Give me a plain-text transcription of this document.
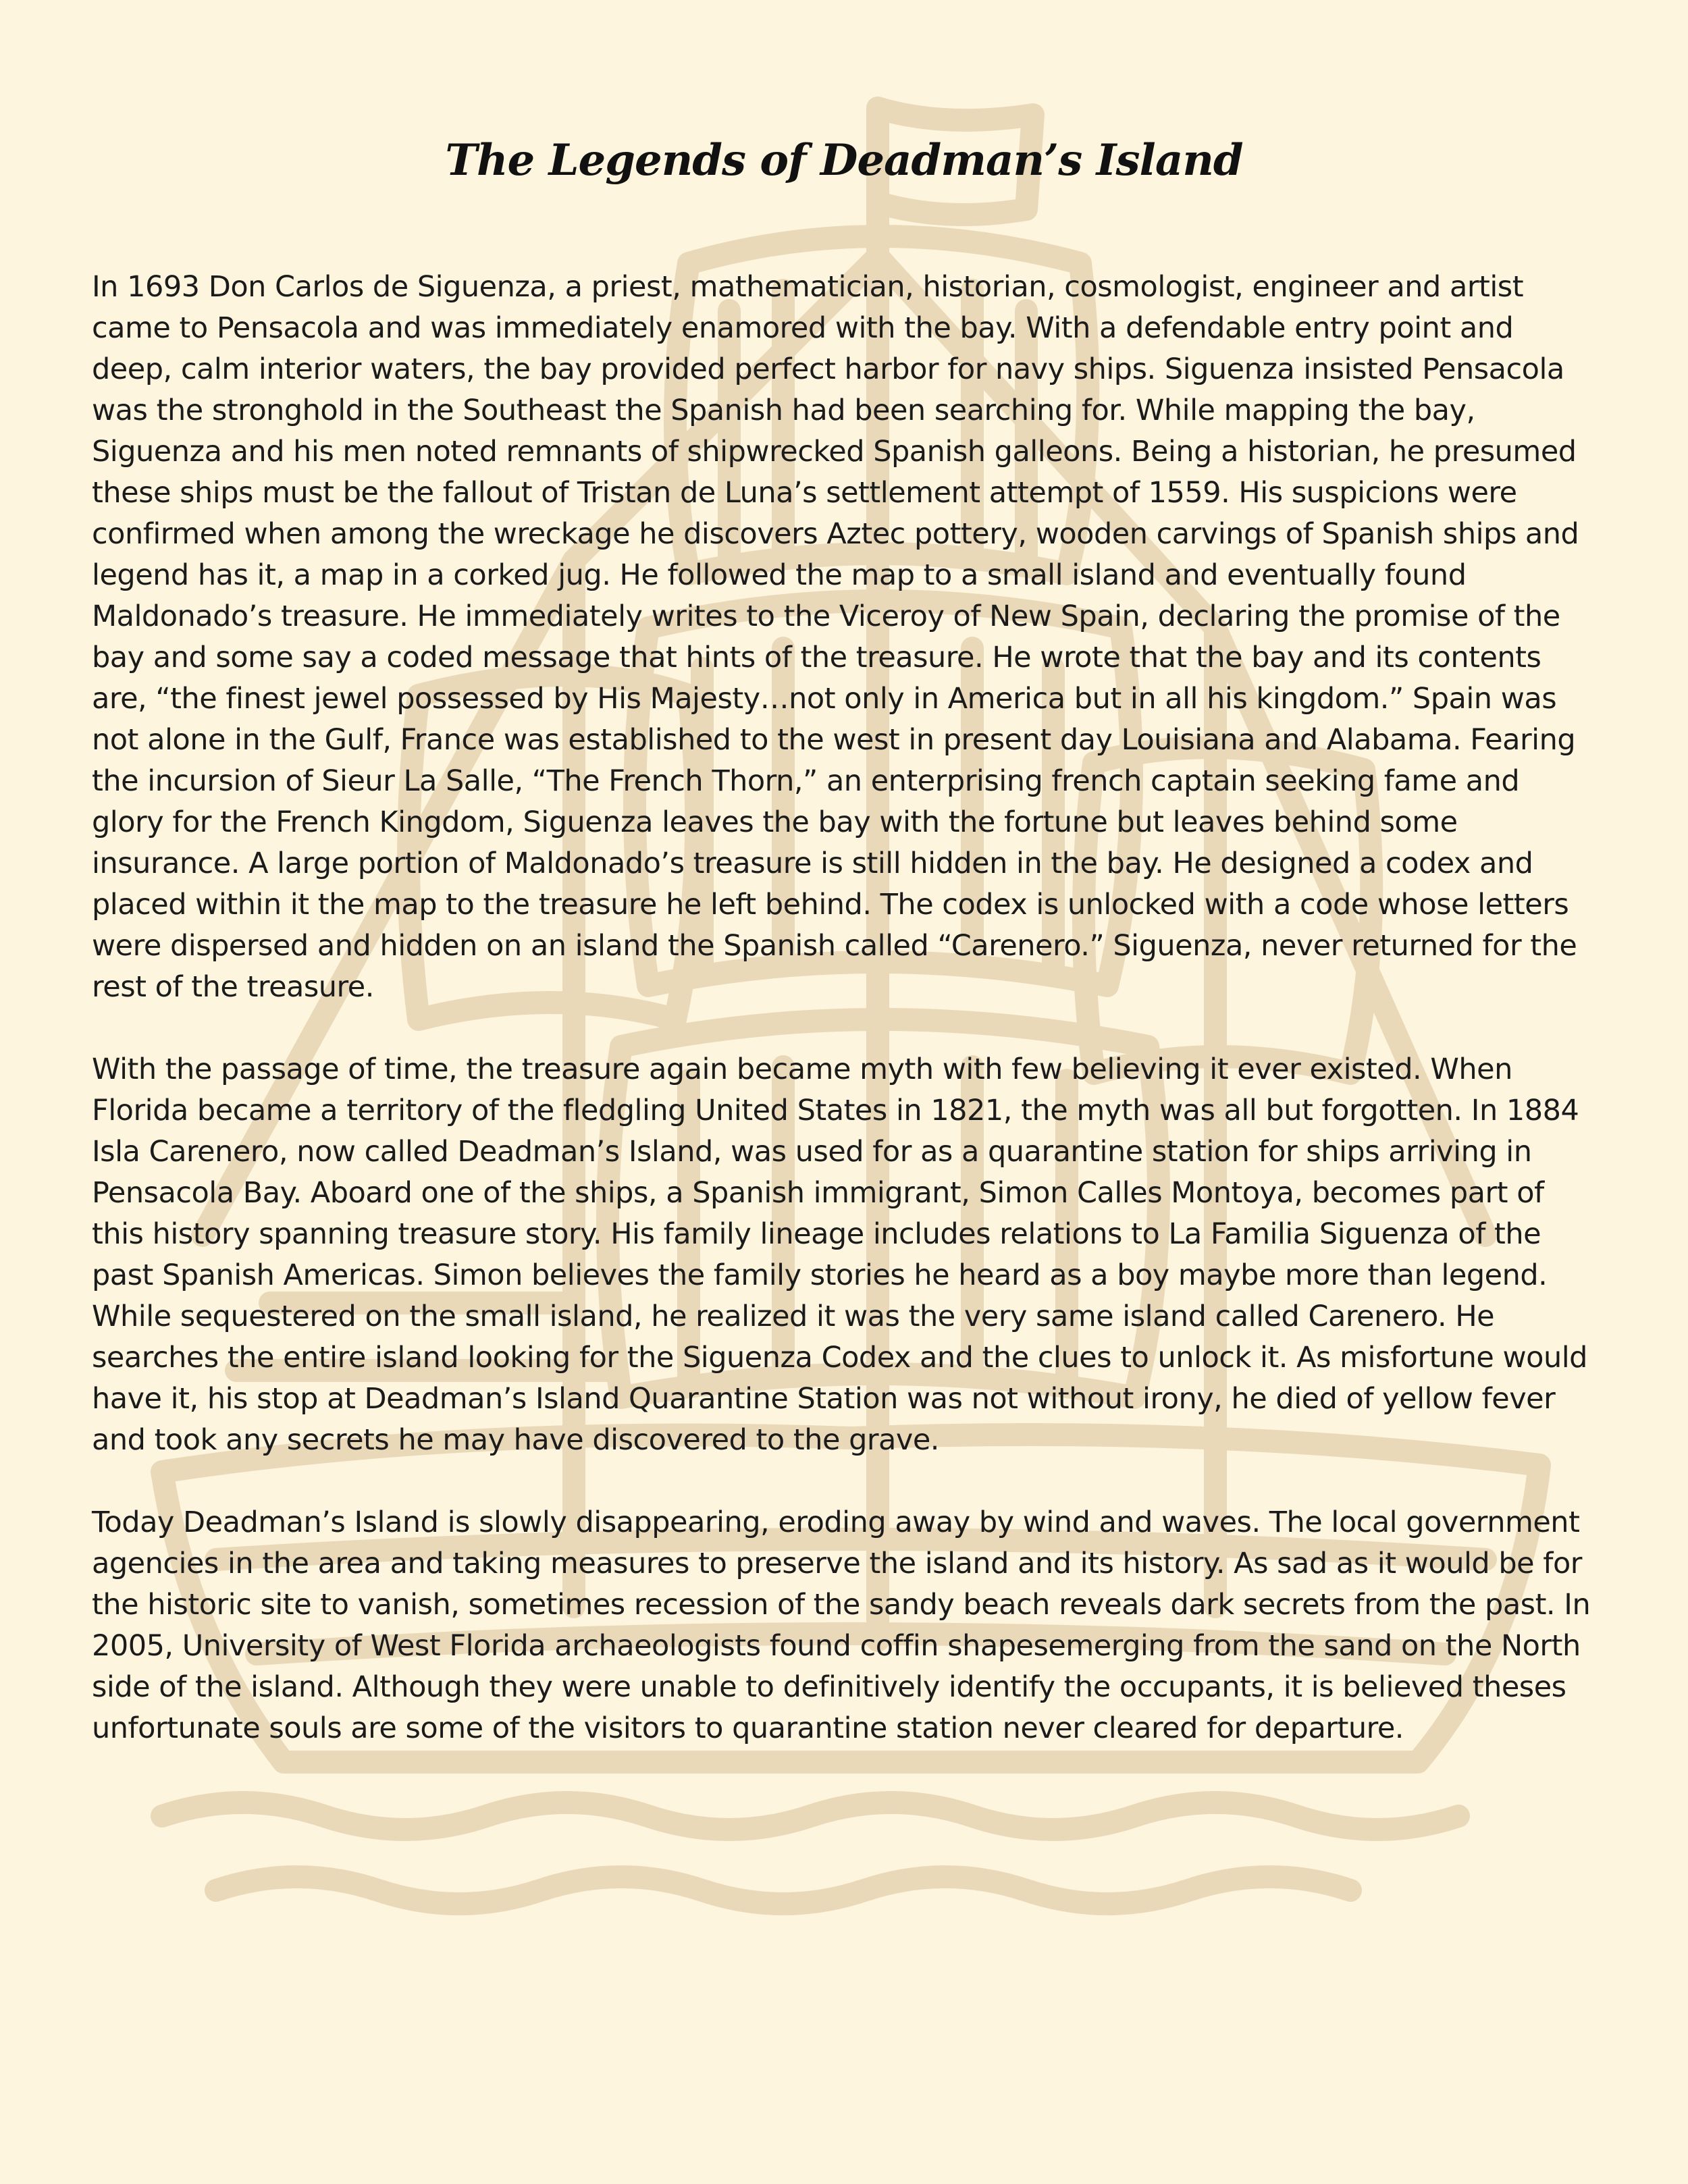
The Legends of Deadman’s Island

In 1693 Don Carlos de Siguenza, a priest, mathematician, historian, cosmologist, engineer and artist came to Pensacola and was immediately enamored with the bay. With a defendable entry point and deep, calm interior waters, the bay provided perfect harbor for navy ships. Siguenza insisted Pensacola was the stronghold in the Southeast the Spanish had been searching for. While mapping the bay, Siguenza and his men noted remnants of shipwrecked Spanish galleons. Being a historian, he presumed these ships must be the fallout of Tristan de Luna’s settlement attempt of 1559. His suspicions were confirmed when among the wreckage he discovers Aztec pottery, wooden carvings of Spanish ships and legend has it, a map in a corked jug. He followed the map to a small island and eventually found Maldonado’s treasure. He immediately writes to the Viceroy of New Spain, declaring the promise of the bay and some say a coded message that hints of the treasure. He wrote that the bay and its contents are, “the finest jewel possessed by His Majesty…not only in America but in all his kingdom.” Spain was not alone in the Gulf, France was established to the west in present day Louisiana and Alabama. Fearing the incursion of Sieur La Salle, “The French Thorn,” an enterprising french captain seeking fame and glory for the French Kingdom, Siguenza leaves the bay with the fortune but leaves behind some insurance. A large portion of Maldonado’s treasure is still hidden in the bay. He designed a codex and placed within it the map to the treasure he left behind. The codex is unlocked with a code whose letters were dispersed and hidden on an island the Spanish called “Carenero.” Siguenza, never returned for the rest of the treasure.

With the passage of time, the treasure again became myth with few believing it ever existed. When Florida became a territory of the fledgling United States in 1821, the myth was all but forgotten. In 1884 Isla Carenero, now called Deadman’s Island, was used for as a quarantine station for ships arriving in Pensacola Bay. Aboard one of the ships, a Spanish immigrant, Simon Calles Montoya, becomes part of this history spanning treasure story. His family lineage includes relations to La Familia Siguenza of the past Spanish Americas. Simon believes the family stories he heard as a boy maybe more than legend. While sequestered on the small island, he realized it was the very same island called Carenero. He searches the entire island looking for the Siguenza Codex and the clues to unlock it. As misfortune would have it, his stop at Deadman’s Island Quarantine Station was not without irony, he died of yellow fever and took any secrets he may have discovered to the grave.

Today Deadman’s Island is slowly disappearing, eroding away by wind and waves. The local government agencies in the area and taking measures to preserve the island and its history. As sad as it would be for the historic site to vanish, sometimes recession of the sandy beach reveals dark secrets from the past. In 2005, University of West Florida archaeologists found coffin shapesemerging from the sand on the North side of the island. Although they were unable to definitively identify the occupants, it is believed theses unfortunate souls are some of the visitors to quarantine station never cleared for departure.
